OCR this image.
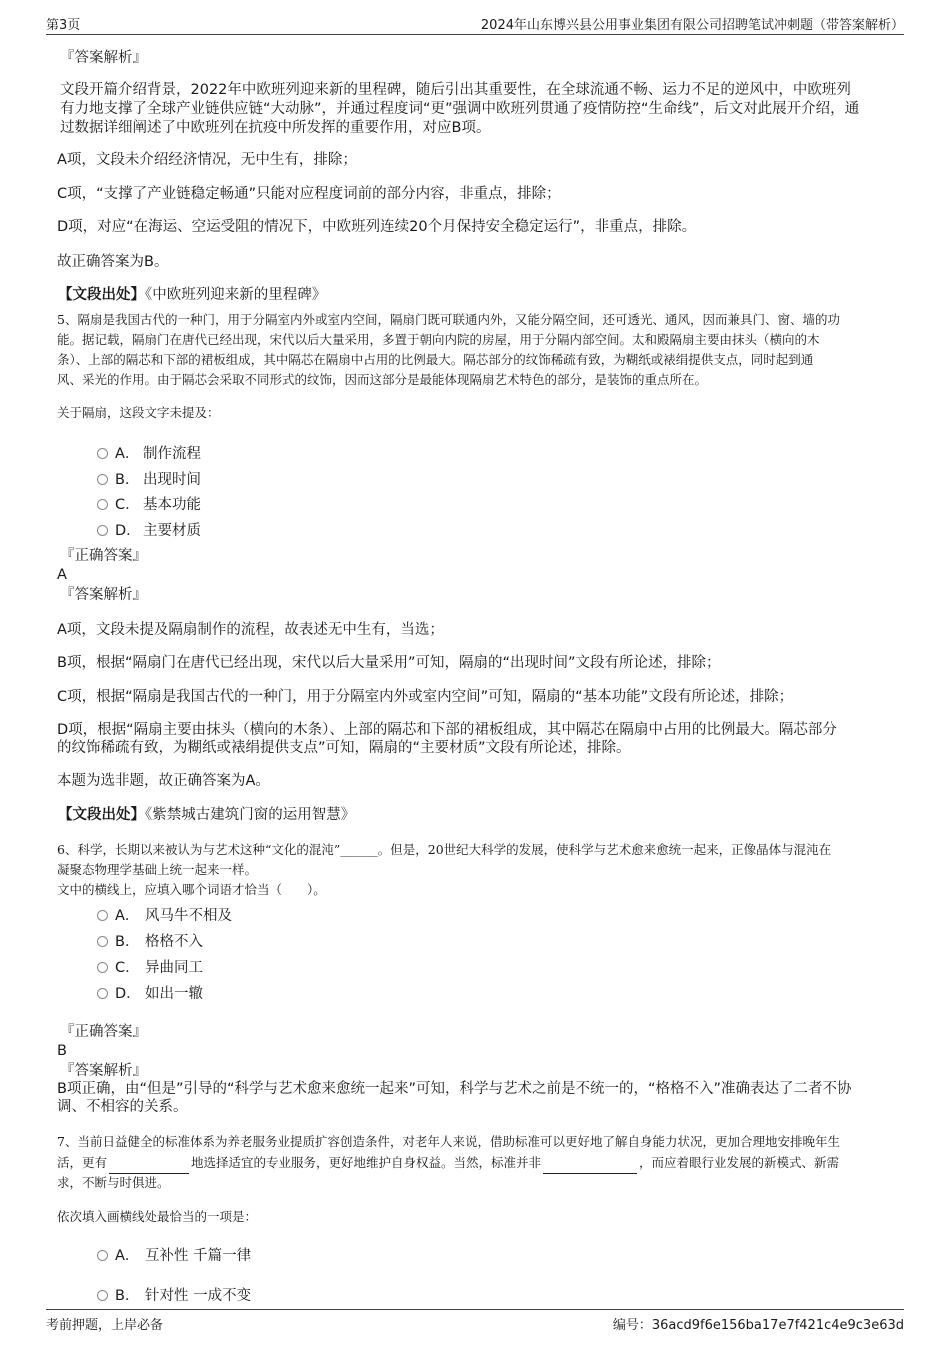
第3页	2024年山东博兴县公用事业集团有限公司招聘笔试冲刺题（带答案解析）
『答案解析』
文段开篇介绍背景，2022年中欧班列迎来新的里程碑，随后引出其重要性，在全球流通不畅、运力不足的逆风中，中欧班列
有力地支撑了全球产业链供应链“大动脉”，并通过程度词“更”强调中欧班列贯通了疫情防控“生命线”，后文对此展开介绍，通
过数据详细阐述了中欧班列在抗疫中所发挥的重要作用，对应B项。
A项，文段未介绍经济情况，无中生有，排除；
C项，“支撑了产业链稳定畅通”只能对应程度词前的部分内容，非重点，排除；
D项，对应“在海运、空运受阻的情况下，中欧班列连续20个月保持安全稳定运行”，非重点，排除。
故正确答案为B。
【文段出处】《中欧班列迎来新的里程碑》
5、隔扇是我国古代的一种门，用于分隔室内外或室内空间，隔扇门既可联通内外，又能分隔空间，还可透光、通风，因而兼具门、窗、墙的功
能。据记载，隔扇门在唐代已经出现，宋代以后大量采用，多置于朝向内院的房屋，用于分隔内部空间。太和殿隔扇主要由抹头（横向的木
条）、上部的隔芯和下部的裙板组成，其中隔芯在隔扇中占用的比例最大。隔芯部分的纹饰稀疏有致，为糊纸或裱绢提供支点，同时起到通
风、采光的作用。由于隔芯会采取不同形式的纹饰，因而这部分是最能体现隔扇艺术特色的部分，是装饰的重点所在。
关于隔扇，这段文字未提及：
A． 制作流程
B． 出现时间
C． 基本功能
D． 主要材质
『正确答案』
A
『答案解析』
A项，文段未提及隔扇制作的流程，故表述无中生有，当选；
B项，根据“隔扇门在唐代已经出现，宋代以后大量采用”可知，隔扇的“出现时间”文段有所论述，排除；
C项，根据“隔扇是我国古代的一种门，用于分隔室内外或室内空间”可知，隔扇的“基本功能”文段有所论述，排除；
D项，根据“隔扇主要由抹头（横向的木条）、上部的隔芯和下部的裙板组成，其中隔芯在隔扇中占用的比例最大。隔芯部分
的纹饰稀疏有致，为糊纸或裱绢提供支点”可知，隔扇的“主要材质”文段有所论述，排除。
本题为选非题，故正确答案为A。
【文段出处】《紫禁城古建筑门窗的运用智慧》
6、科学，长期以来被认为与艺术这种“文化的混沌”______。但是，20世纪大科学的发展，使科学与艺术愈来愈统一起来，正像晶体与混沌在
凝聚态物理学基础上统一起来一样。
文中的横线上，应填入哪个词语才恰当（　　）。
A． 风马牛不相及
B． 格格不入
C． 异曲同工
D． 如出一辙
『正确答案』
B
『答案解析』
B项正确，由“但是”引导的“科学与艺术愈来愈统一起来”可知，科学与艺术之前是不统一的，“格格不入”准确表达了二者不协
调、不相容的关系。
7、当前日益健全的标准体系为养老服务业提质扩容创造条件，对老年人来说，借助标准可以更好地了解自身能力状况，更加合理地安排晚年生
活，更有	地选择适宜的专业服务，更好地维护自身权益。当然，标准并非	，而应着眼行业发展的新模式、新需
求，不断与时俱进。
依次填入画横线处最恰当的一项是：
A． 互补性 千篇一律
B． 针对性 一成不变
考前押题，上岸必备	编号：36acd9f6e156ba17e7f421c4e9c3e63d
